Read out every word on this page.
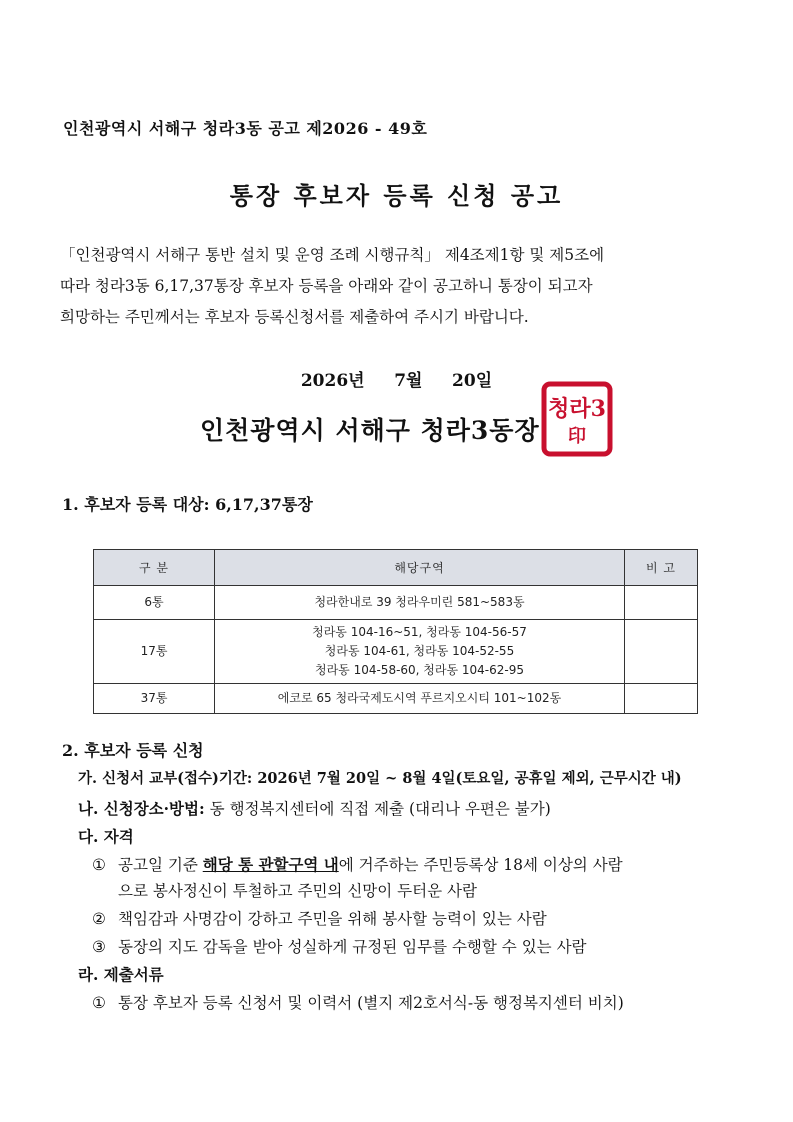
인천광역시 서해구 청라3동 공고 제2026 - 49호
통장 후보자 등록 신청 공고

「인천광역시 서해구 통반 설치 및 운영 조례 시행규칙」 제4조제1항 및 제5조에

따라 청라3동 6,17,37통장 후보자 등록을 아래와 같이 공고하니 통장이 되고자

희망하는 주민께서는 후보자 등록신청서를 제출하여 주시기 바랍니다.

2026년 7월 20일
인천광역시 서해구 청라3동장
청라3
印
1. 후보자 등록 대상: 6,17,37통장
구 분	해당구역	비 고
6통	청라한내로 39 청라우미린 581~583동	

17통	청라동 104-16~51, 청라동 104-56-57
청라동 104-61, 청라동 104-52-55
청라동 104-58-60, 청라동 104-62-95	

37통	에코로 65 청라국제도시역 푸르지오시티 101~102동	

2. 후보자 등록 신청
가. 신청서 교부(접수)기간: 2026년 7월 20일 ~ 8월 4일(토요일, 공휴일 제외, 근무시간 내)
나. 신청장소·방법: 동 행정복지센터에 직접 제출 (대리나 우편은 불가)
다. 자격
① 공고일 기준 해당 통 관할구역 내에 거주하는 주민등록상 18세 이상의 사람
으로 봉사정신이 투철하고 주민의 신망이 두터운 사람
② 책임감과 사명감이 강하고 주민을 위해 봉사할 능력이 있는 사람
③ 동장의 지도 감독을 받아 성실하게 규정된 임무를 수행할 수 있는 사람
라. 제출서류
① 통장 후보자 등록 신청서 및 이력서 (별지 제2호서식-동 행정복지센터 비치)
